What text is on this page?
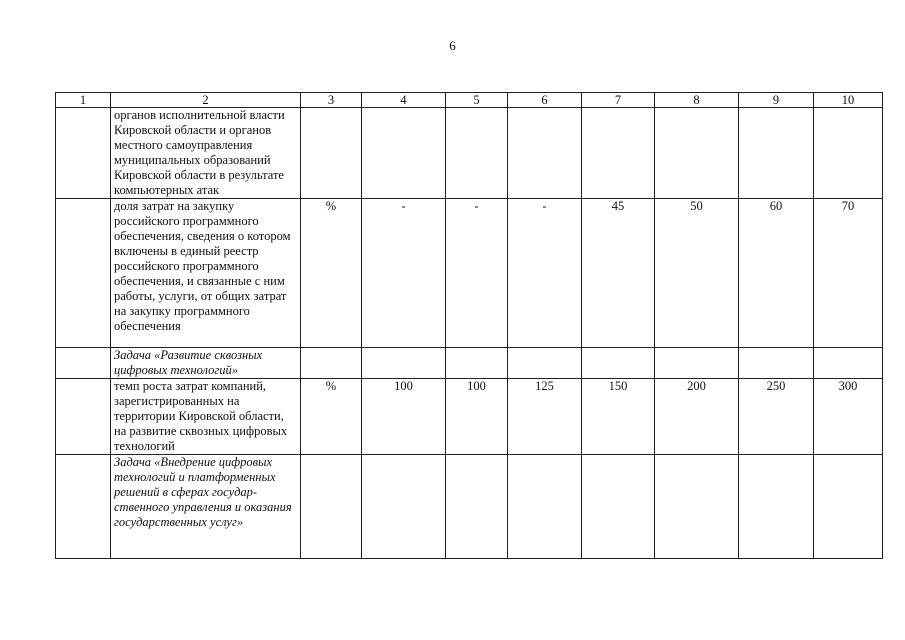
6
1	2	3	4	5	6	7	8	9	10
	органов исполнительной власти Кировской области и органов местного самоуправления муниципальных образований Кировской области в результате компьютерных атак								
	доля затрат на закупку российского программного обеспечения, сведения о котором включены в единый реестр российского программного обеспечения, и связанные с ним работы, услуги, от общих затрат на закупку программного обеспечения	%	-	-	-	45	50	60	70
	Задача «Развитие сквозных цифровых технологий»								
	темп роста затрат компаний, зарегистрированных на территории Кировской области, на развитие сквозных цифровых технологий	%	100	100	125	150	200	250	300
	Задача «Внедрение цифровых технологий и платформенных решений в сферах государ- ственного управления и оказания государственных услуг»								
